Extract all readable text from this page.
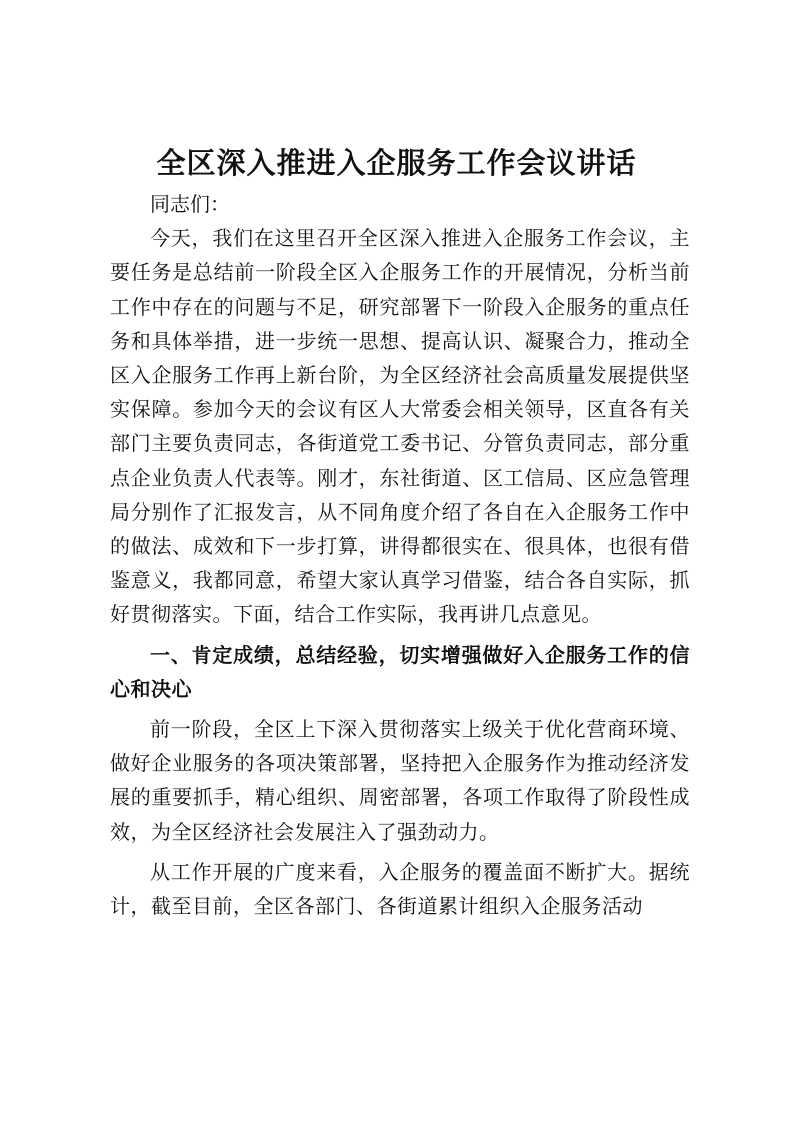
全区深入推进入企服务工作会议讲话

同志们：

今天，我们在这里召开全区深入推进入企服务工作会议，主要任务是总结前一阶段全区入企服务工作的开展情况，分析当前工作中存在的问题与不足，研究部署下一阶段入企服务的重点任务和具体举措，进一步统一思想、提高认识、凝聚合力，推动全区入企服务工作再上新台阶，为全区经济社会高质量发展提供坚实保障。参加今天的会议有区人大常委会相关领导，区直各有关部门主要负责同志，各街道党工委书记、分管负责同志，部分重点企业负责人代表等。刚才，东社街道、区工信局、区应急管理局分别作了汇报发言，从不同角度介绍了各自在入企服务工作中的做法、成效和下一步打算，讲得都很实在、很具体，也很有借鉴意义，我都同意，希望大家认真学习借鉴，结合各自实际，抓好贯彻落实。下面，结合工作实际，我再讲几点意见。

一、肯定成绩，总结经验，切实增强做好入企服务工作的信心和决心

前一阶段，全区上下深入贯彻落实上级关于优化营商环境、做好企业服务的各项决策部署，坚持把入企服务作为推动经济发展的重要抓手，精心组织、周密部署，各项工作取得了阶段性成效，为全区经济社会发展注入了强劲动力。

从工作开展的广度来看，入企服务的覆盖面不断扩大。据统计，截至目前，全区各部门、各街道累计组织入企服务活动
